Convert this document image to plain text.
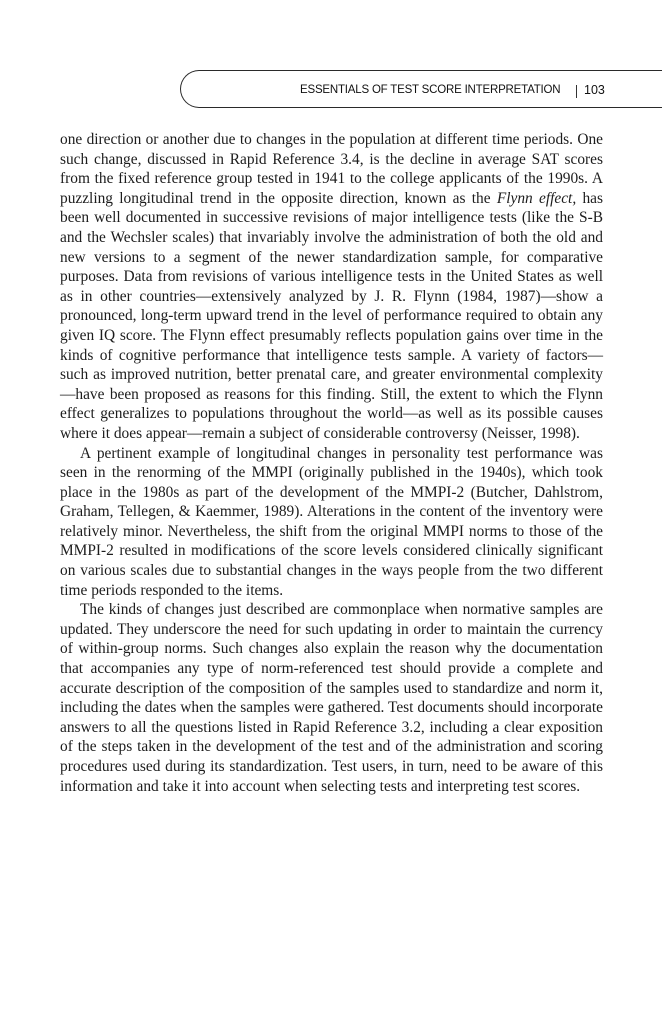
ESSENTIALS OF TEST SCORE INTERPRETATION 103

one direction or another due to changes in the population at different time periods. One such change, discussed in Rapid Reference 3.4, is the decline in average SAT scores from the fixed reference group tested in 1941 to the college applicants of the 1990s. A puzzling longitudinal trend in the opposite direction, known as the Flynn effect, has been well documented in successive revisions of major intelligence tests (like the S-B and the Wechsler scales) that invariably involve the administration of both the old and new versions to a segment of the newer standardization sample, for comparative purposes. Data from revisions of various intelligence tests in the United States as well as in other countries—extensively analyzed by J. R. Flynn (1984, 1987)—show a pronounced, long-term upward trend in the level of performance required to obtain any given IQ score. The Flynn effect presumably reflects population gains over time in the kinds of cognitive performance that intelligence tests sample. A variety of factors—such as improved nutrition, better prenatal care, and greater environmental complexity—have been proposed as reasons for this finding. Still, the extent to which the Flynn effect generalizes to populations throughout the world—as well as its possible causes where it does appear—remain a subject of considerable controversy (Neisser, 1998).

A pertinent example of longitudinal changes in personality test performance was seen in the renorming of the MMPI (originally published in the 1940s), which took place in the 1980s as part of the development of the MMPI-2 (Butcher, Dahlstrom, Graham, Tellegen, & Kaemmer, 1989). Alterations in the content of the inventory were relatively minor. Nevertheless, the shift from the original MMPI norms to those of the MMPI-2 resulted in modifications of the score levels considered clinically significant on various scales due to substantial changes in the ways people from the two different time periods responded to the items.

The kinds of changes just described are commonplace when normative samples are updated. They underscore the need for such updating in order to maintain the currency of within-group norms. Such changes also explain the reason why the documentation that accompanies any type of norm-referenced test should provide a complete and accurate description of the composition of the samples used to standardize and norm it, including the dates when the samples were gathered. Test documents should incorporate answers to all the questions listed in Rapid Reference 3.2, including a clear exposition of the steps taken in the development of the test and of the administration and scoring procedures used during its standardization. Test users, in turn, need to be aware of this information and take it into account when selecting tests and interpreting test scores.
